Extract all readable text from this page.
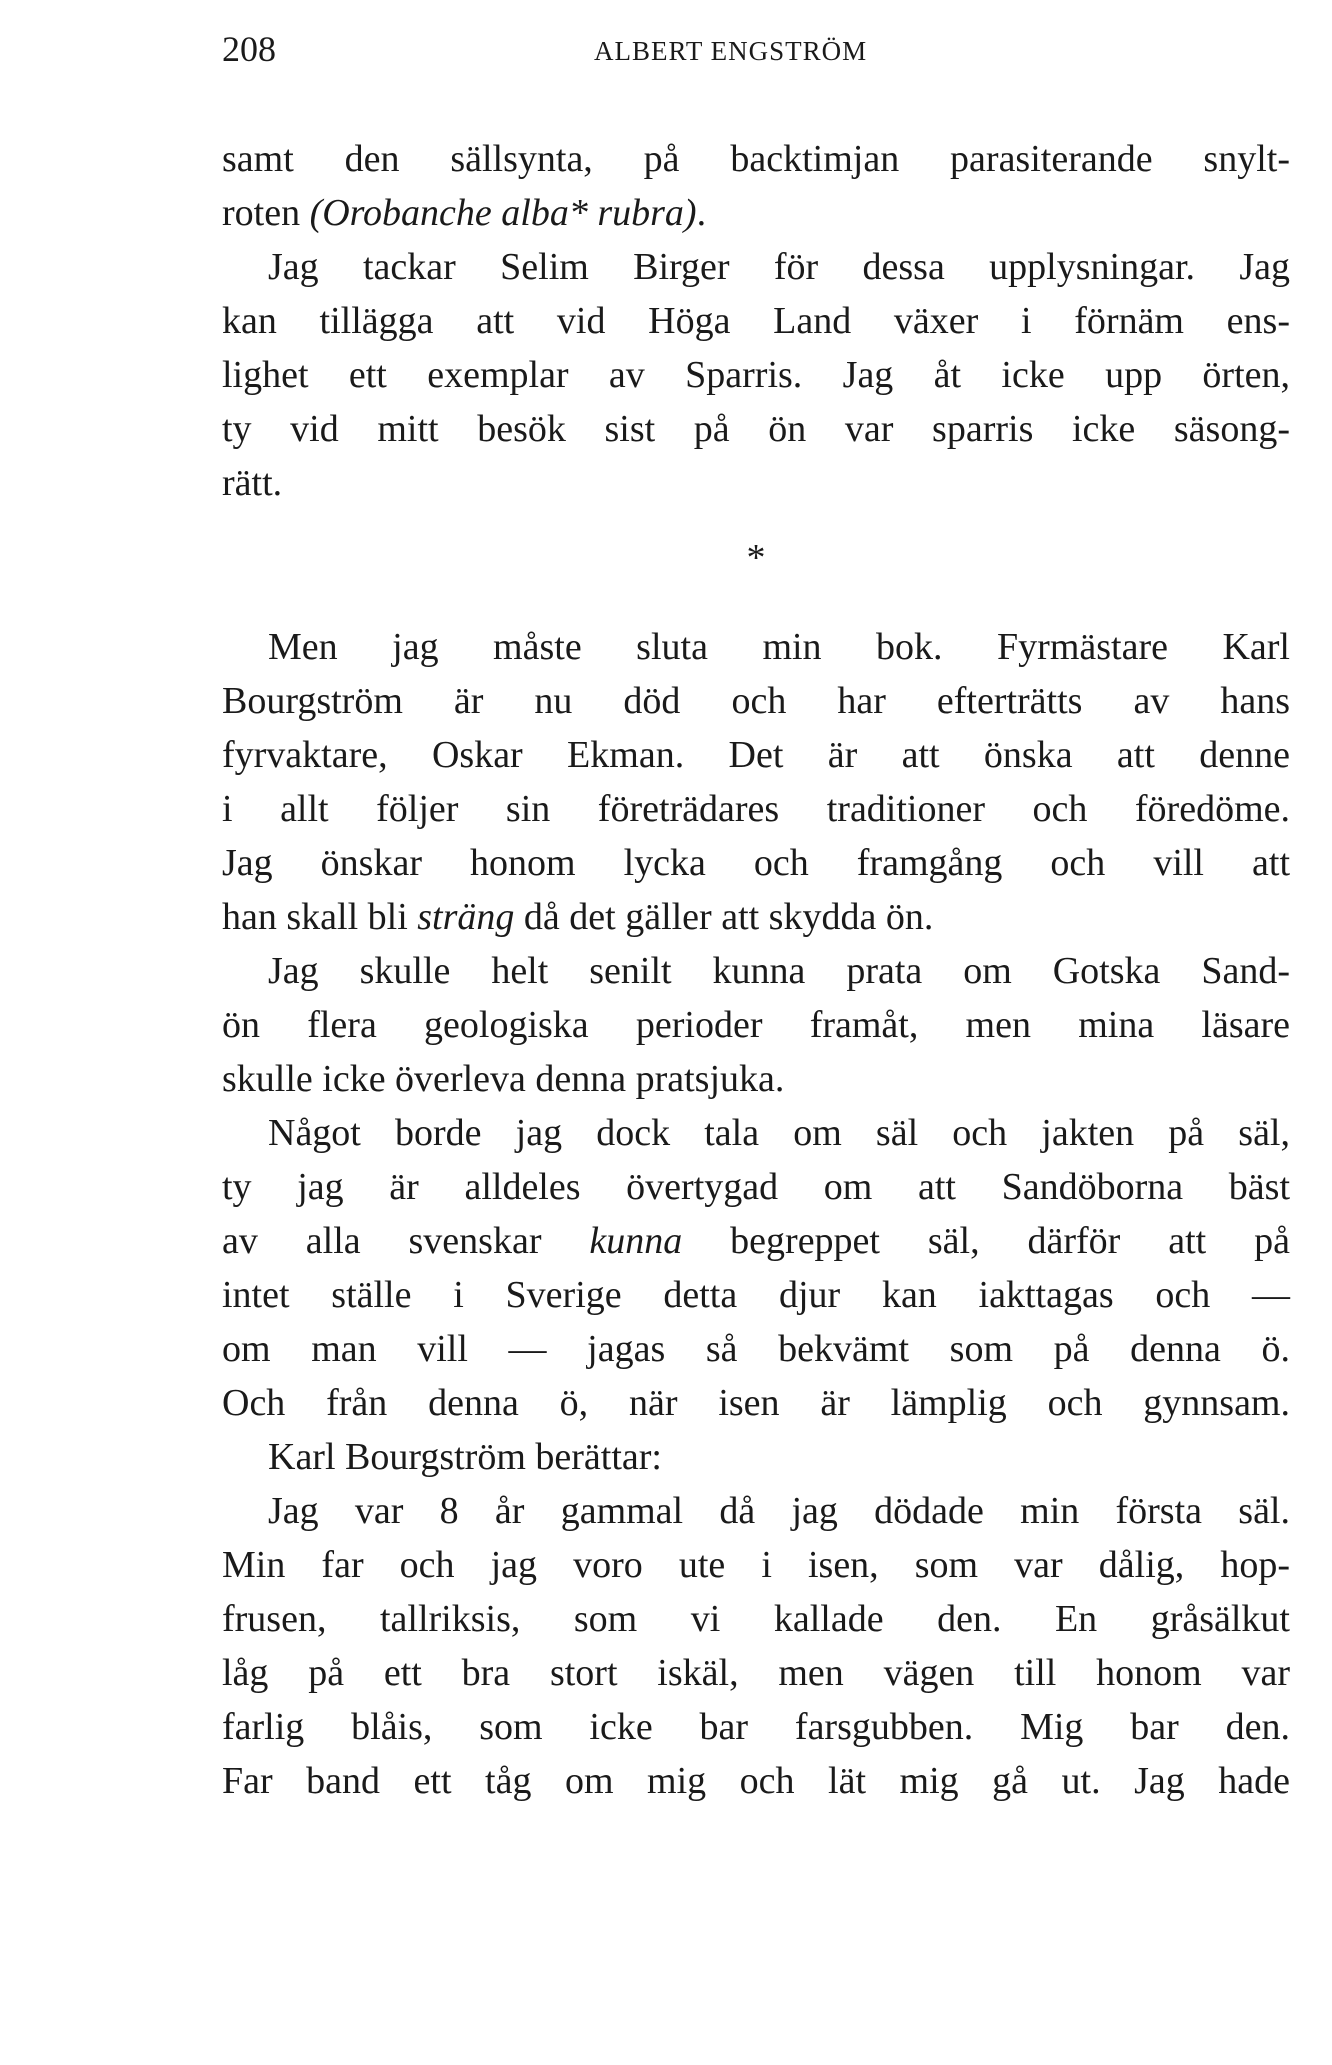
208	ALBERT ENGSTRÖM
samt den sällsynta, på backtimjan parasiterande snylt-
roten (Orobanche alba* rubra).
Jag tackar Selim Birger för dessa upplysningar. Jag
kan tillägga att vid Höga Land växer i förnäm ens-
lighet ett exemplar av Sparris. Jag åt icke upp örten,
ty vid mitt besök sist på ön var sparris icke säsong-
rätt.
*
Men jag måste sluta min bok. Fyrmästare Karl
Bourgström är nu död och har efterträtts av hans
fyrvaktare, Oskar Ekman. Det är att önska att denne
i allt följer sin företrädares traditioner och föredöme.
Jag önskar honom lycka och framgång och vill att
han skall bli sträng då det gäller att skydda ön.
Jag skulle helt senilt kunna prata om Gotska Sand-
ön flera geologiska perioder framåt, men mina läsare
skulle icke överleva denna pratsjuka.
Något borde jag dock tala om säl och jakten på säl,
ty jag är alldeles övertygad om att Sandöborna bäst
av alla svenskar kunna begreppet säl, därför att på
intet ställe i Sverige detta djur kan iakttagas och —
om man vill — jagas så bekvämt som på denna ö.
Och från denna ö, när isen är lämplig och gynnsam.
Karl Bourgström berättar:
Jag var 8 år gammal då jag dödade min första säl.
Min far och jag voro ute i isen, som var dålig, hop-
frusen, tallriksis, som vi kallade den. En gråsälkut
låg på ett bra stort iskäl, men vägen till honom var
farlig blåis, som icke bar farsgubben. Mig bar den.
Far band ett tåg om mig och lät mig gå ut. Jag hade
